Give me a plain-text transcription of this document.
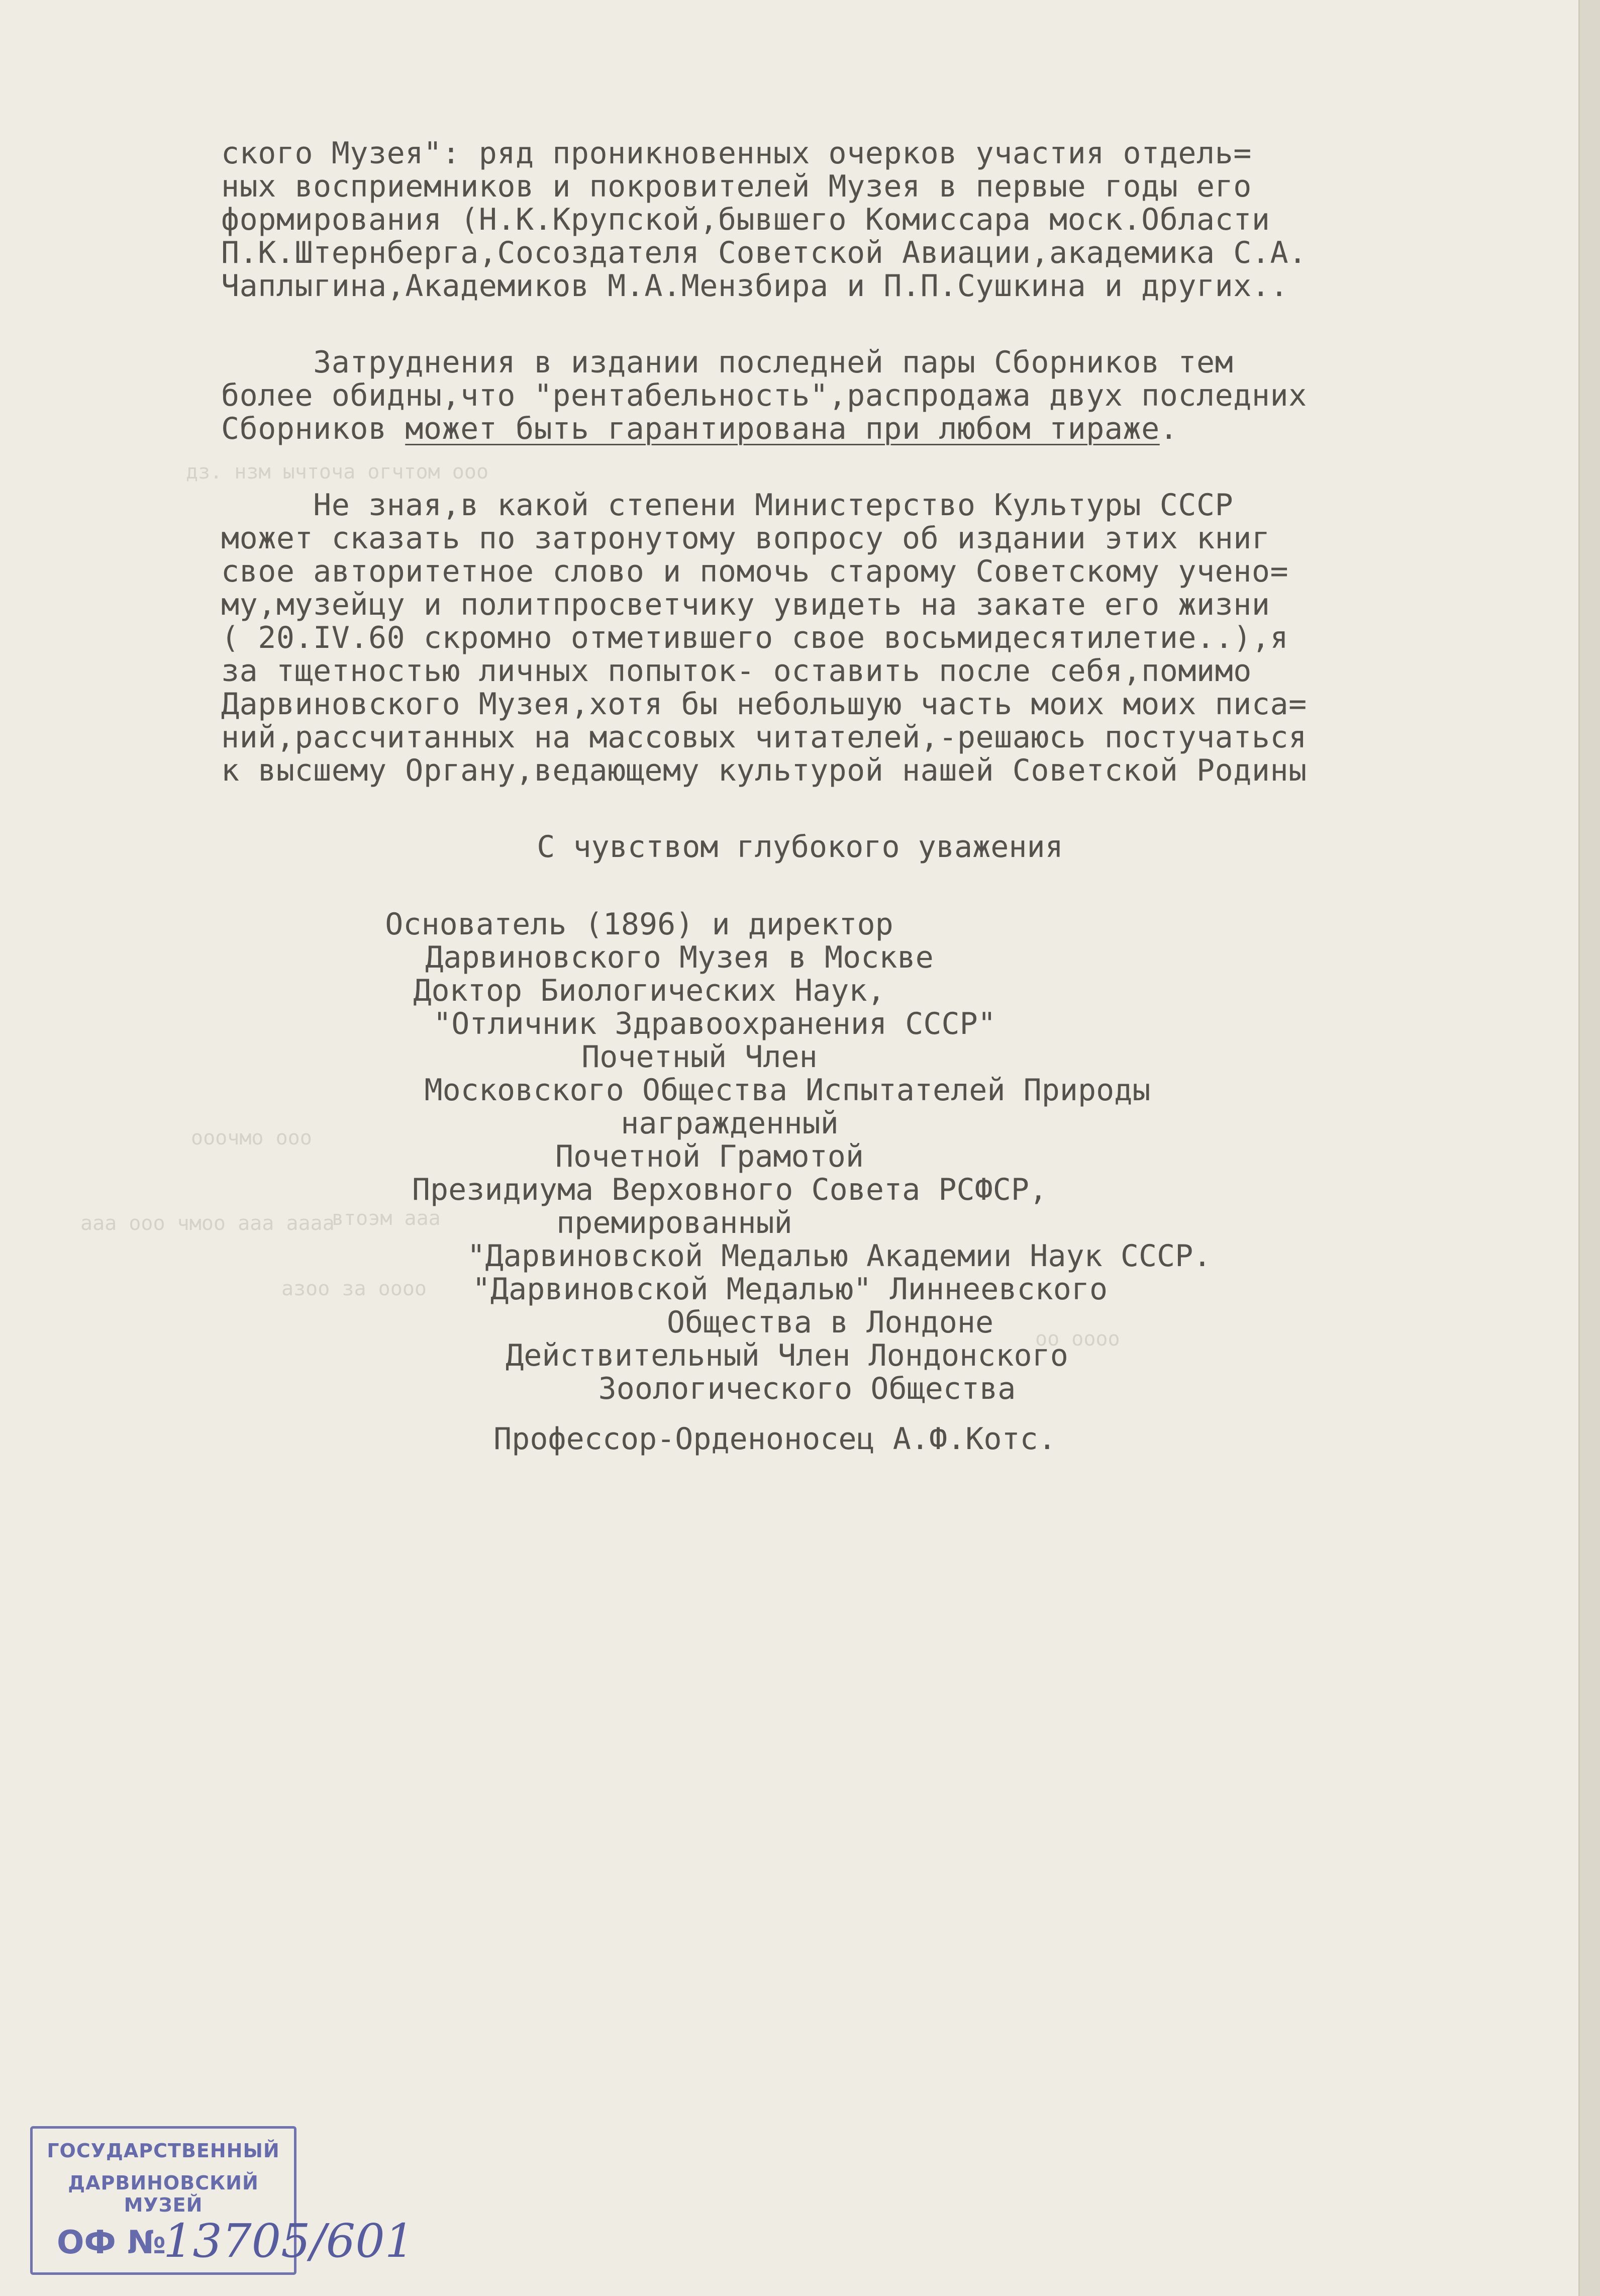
дз. нзм ычточа огчтом ооо
ооочмо ооо
втоэм ааа
ааа ооо чмоо ааа аааа
азоо за оооо
оо оооо
ского Музея": ряд проникновенных очерков участия отдель=
ных восприемников и покровителей Музея в первые годы его
формирования (Н.К.Крупской,бывшего Комиссара моск.Области
П.К.Штернберга,Сосоздателя Советской Авиации,академика С.А.
Чаплыгина,Академиков М.А.Мензбира и П.П.Сушкина и других..
Затруднения в издании последней пары Сборников тем
более обидны,что "рентабельность",распродажа двух последних
Сборников может быть гарантирована при любом тираже.
Не зная,в какой степени Министерство Культуры СССР
может сказать по затронутому вопросу об издании этих книг
свое авторитетное слово и помочь старому Советскому учено=
му,музейцу и политпросветчику увидеть на закате его жизни
( 20.IV.60 скромно отметившего свое восьмидесятилетие..),я
за тщетностью личных попыток- оставить после себя,помимо
Дарвиновского Музея,хотя бы небольшую часть моих моих писа=
ний,рассчитанных на массовых читателей,-решаюсь постучаться
к высшему Органу,ведающему культурой нашей Советской Родины
С чувством глубокого уважения
Основатель (1896) и директор
Дарвиновского Музея в Москве
Доктор Биологических Наук,
"Отличник Здравоохранения СССР"
Почетный Член
Московского Общества Испытателей Природы
награжденный
Почетной Грамотой
Президиума Верховного Совета РСФСР,
премированный
"Дарвиновской Медалью Академии Наук СССР.
"Дарвиновской Медалью" Линнеевского
Общества в Лондоне
Действительный Член Лондонского
Зоологического Общества
Профессор-Орденоносец А.Ф.Котс.
ГОСУДАРСТВЕННЫЙ
ДАРВИНОВСКИЙ МУЗЕЙ
ОФ №
13705/601
